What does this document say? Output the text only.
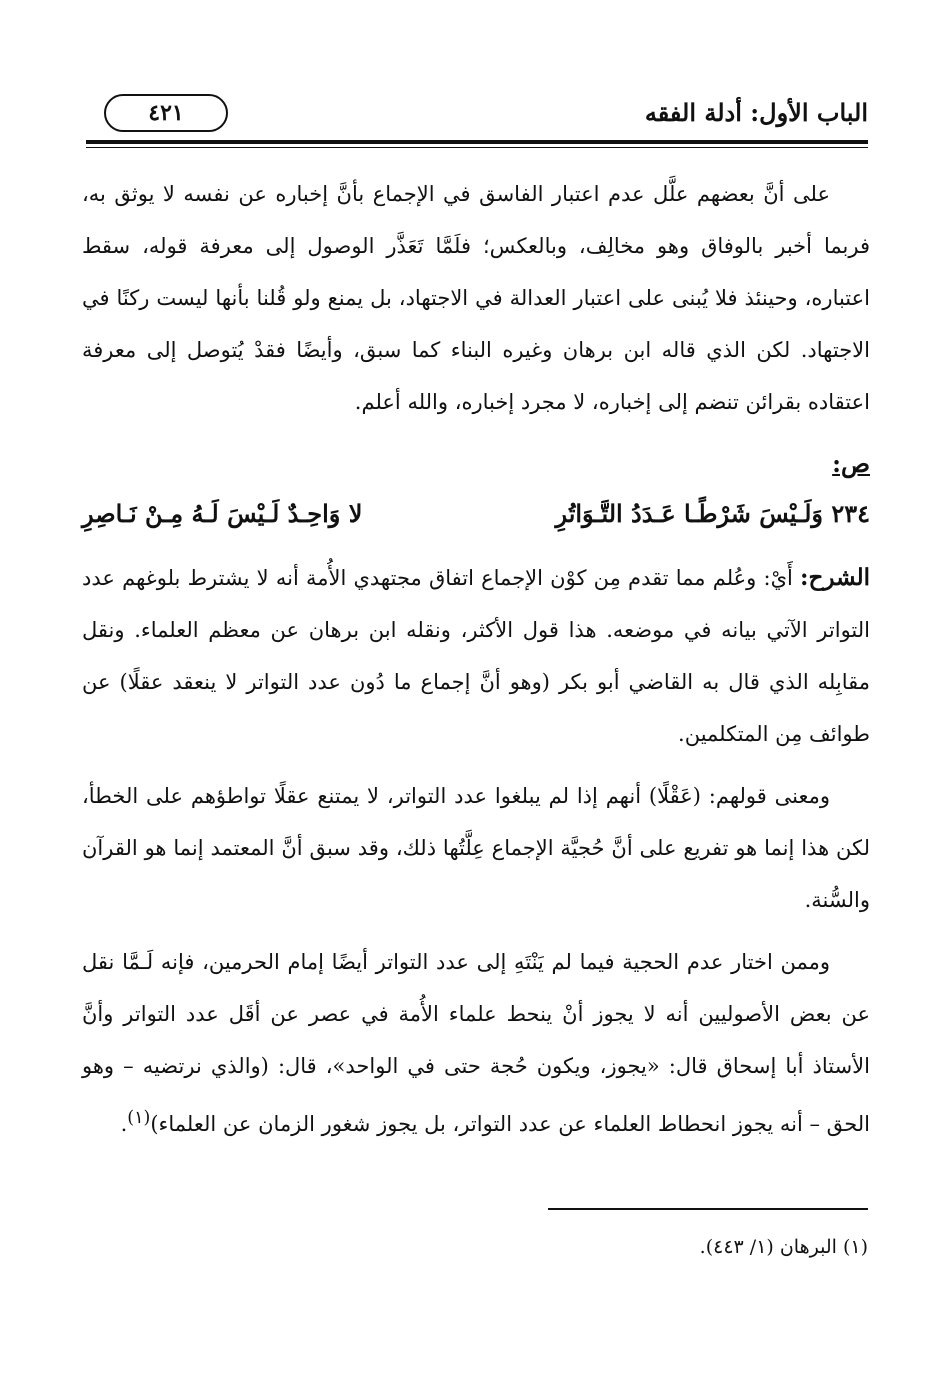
الباب الأول: أدلة الفقه
٤٢١

على أنَّ بعضهم علَّل عدم اعتبار الفاسق في الإجماع بأنَّ إخباره عن نفسه لا يوثق به، فربما أخبر بالوفاق وهو مخالِف، وبالعكس؛ فلَمَّا تَعَذَّر الوصول إلى معرفة قوله، سقط اعتباره، وحينئذ فلا يُبنى على اعتبار العدالة في الاجتهاد، بل يمنع ولو قُلنا بأنها ليست ركنًا في الاجتهاد. لكن الذي قاله ابن برهان وغيره البناء كما سبق، وأيضًا فقدْ يُتوصل إلى معرفة اعتقاده بقرائن تنضم إلى إخباره، لا مجرد إخباره، والله أعلم.

ص:
٢٣٤ وَلَـيْسَ شَرْطًـا عَـدَدُ التَّـوَاتُرِ
لا وَاحِـدٌ لَـيْسَ لَـهُ مِـنْ نَـاصِرِ

الشرح: أَيْ: وعُلم مما تقدم مِن كوْن الإجماع اتفاق مجتهدي الأُمة أنه لا يشترط بلوغهم عدد التواتر الآتي بيانه في موضعه. هذا قول الأكثر، ونقله ابن برهان عن معظم العلماء. ونقل مقابِله الذي قال به القاضي أبو بكر (وهو أنَّ إجماع ما دُون عدد التواتر لا ينعقد عقلًا) عن طوائف مِن المتكلمين.

ومعنى قولهم: (عَقْلًا) أنهم إذا لم يبلغوا عدد التواتر، لا يمتنع عقلًا تواطؤهم على الخطأ، لكن هذا إنما هو تفريع على أنَّ حُجيَّة الإجماع عِلَّتُها ذلك، وقد سبق أنَّ المعتمد إنما هو القرآن والسُّنة.

وممن اختار عدم الحجية فيما لم يَنْتَهِ إلى عدد التواتر أيضًا إمام الحرمين، فإنه لَـمَّا نقل عن بعض الأصوليين أنه لا يجوز أنْ ينحط علماء الأُمة في عصر عن أقَل عدد التواتر وأنَّ الأستاذ أبا إسحاق قال: «يجوز، ويكون حُجة حتى في الواحد»، قال: (والذي نرتضيه – وهو الحق – أنه يجوز انحطاط العلماء عن عدد التواتر، بل يجوز شغور الزمان عن العلماء)$^{(١)}$.

(١) البرهان (١/ ٤٤٣).
